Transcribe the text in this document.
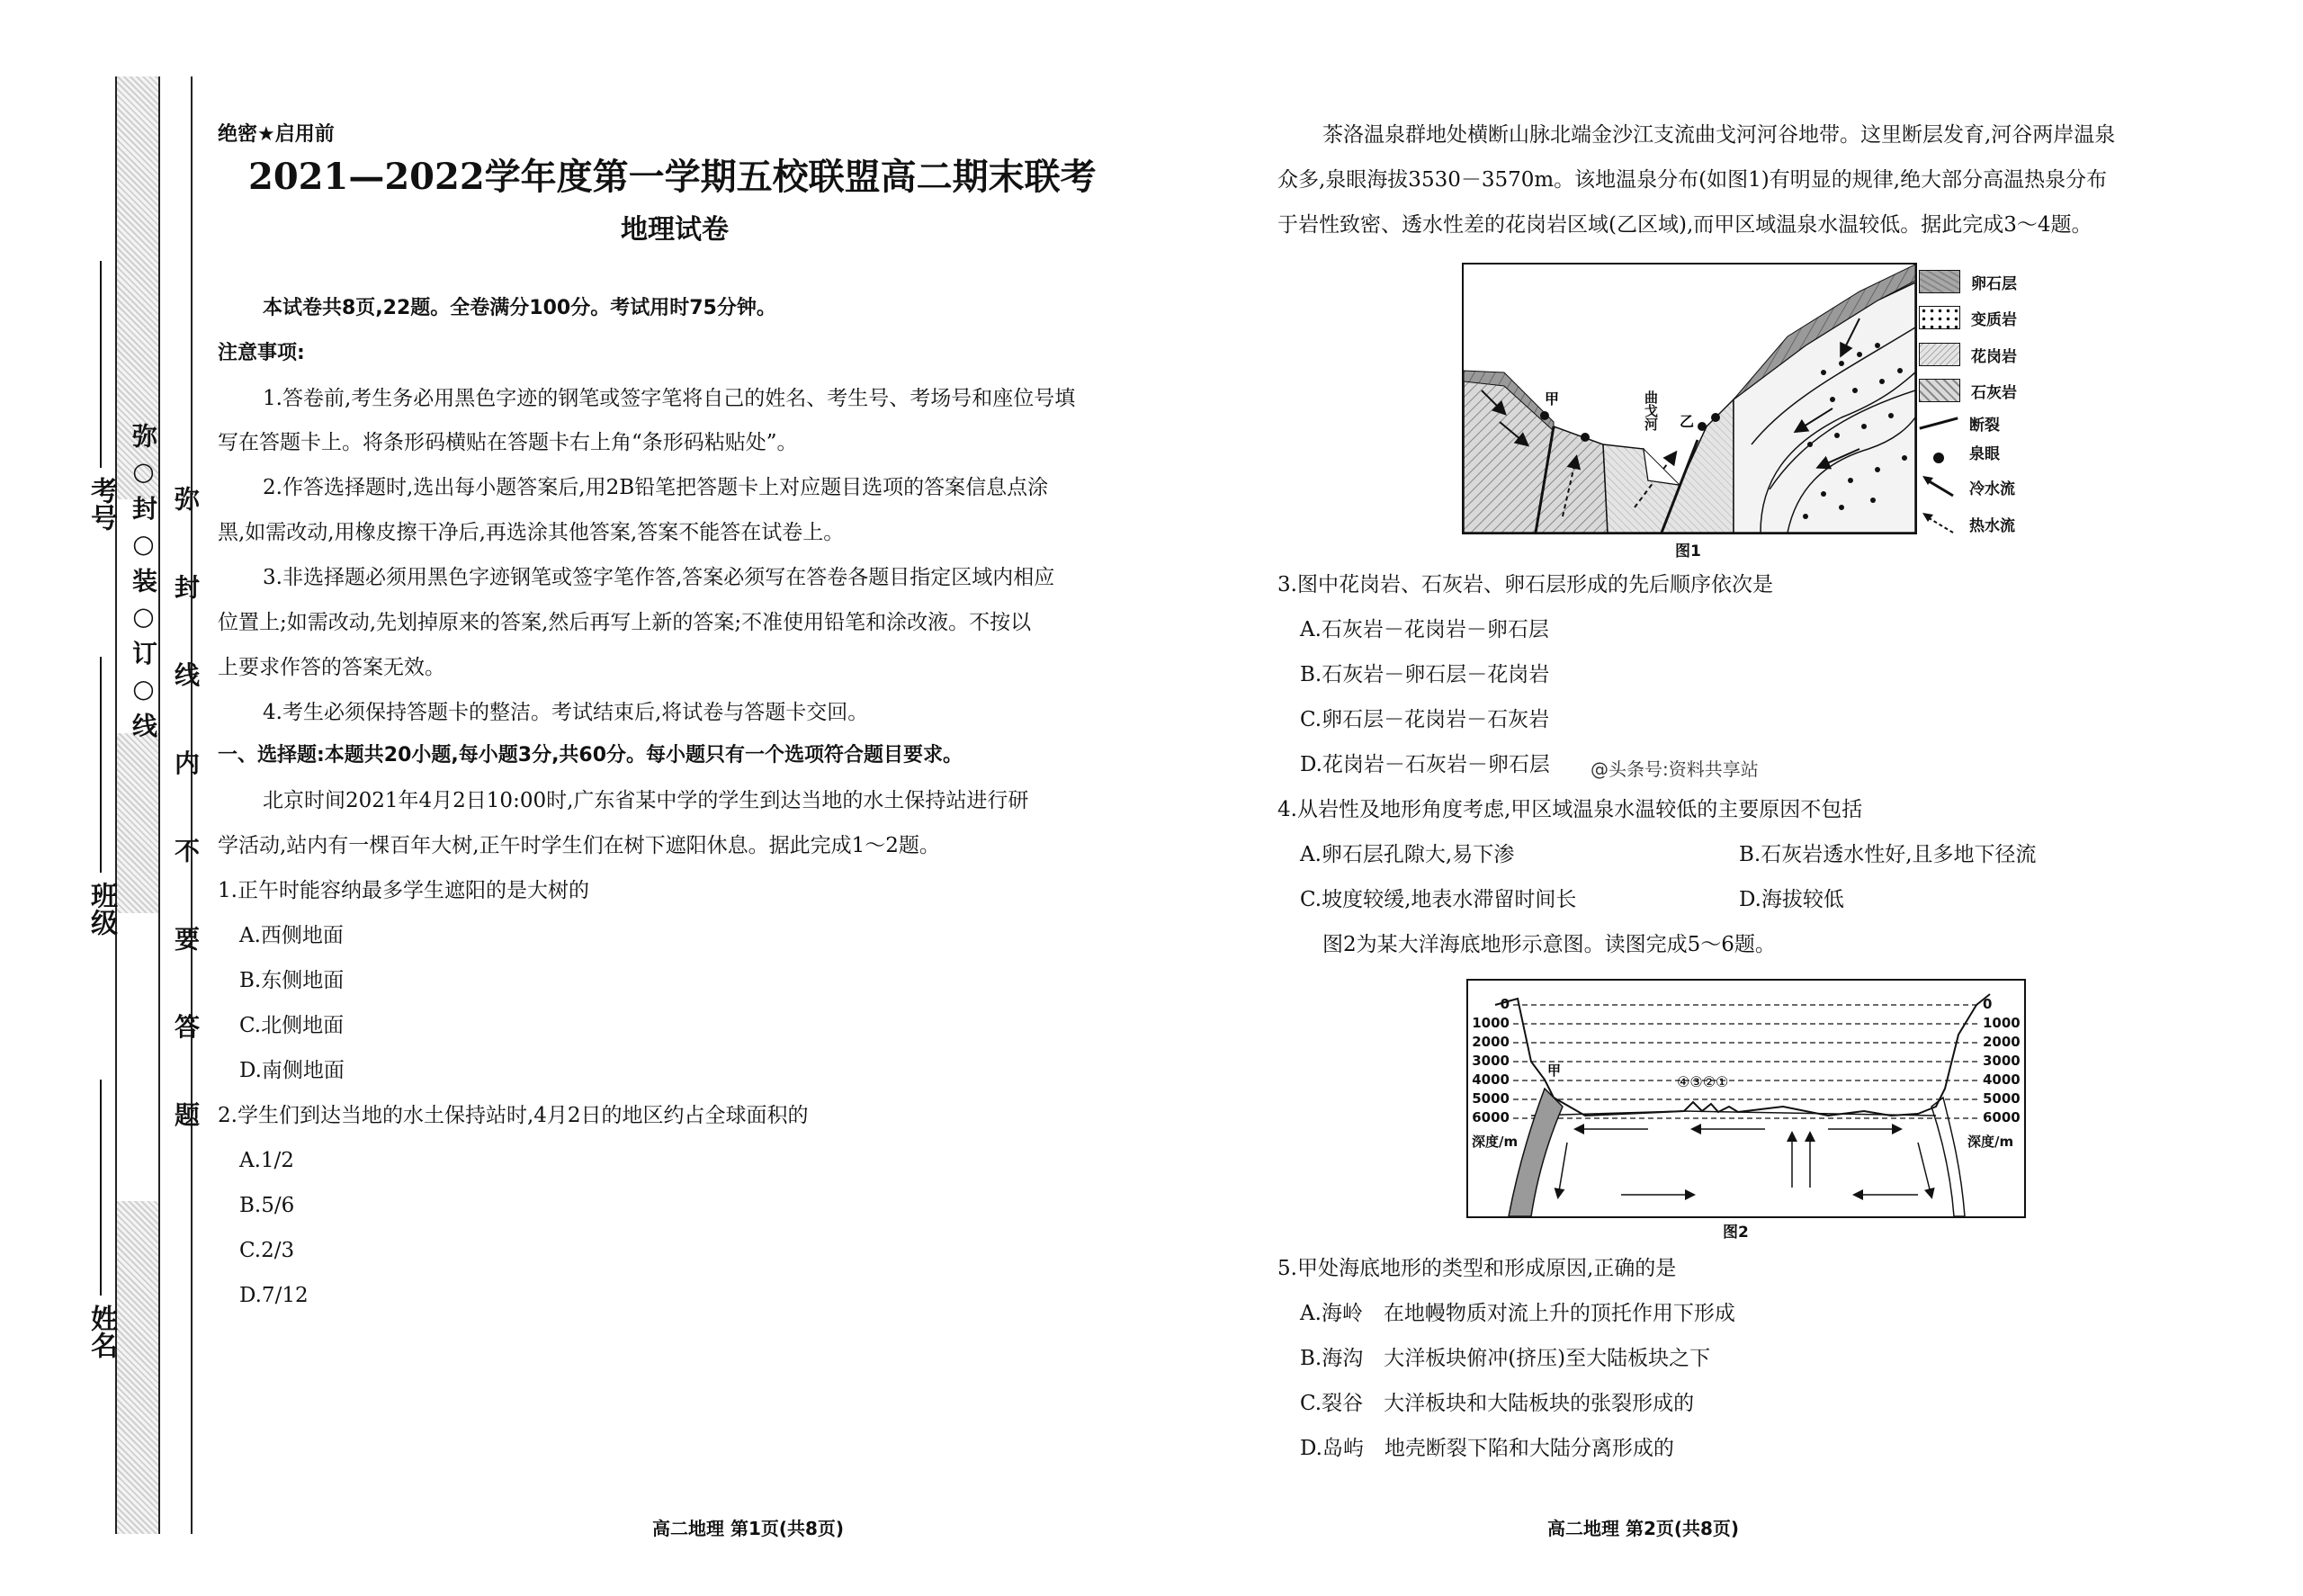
考号
班级
姓名
弥 ○ 封 ○ 装 ○ 订 ○ 线 弥 封 线 内 不 要 答 题
绝密★启用前
2021—2022学年度第一学期五校联盟高二期末联考
地理试卷
本试卷共8页,22题。全卷满分100分。考试用时75分钟。
注意事项:
1.答卷前,考生务必用黑色字迹的钢笔或签字笔将自己的姓名、考生号、考场号和座位号填
写在答题卡上。将条形码横贴在答题卡右上角“条形码粘贴处”。
2.作答选择题时,选出每小题答案后,用2B铅笔把答题卡上对应题目选项的答案信息点涂
黑,如需改动,用橡皮擦干净后,再选涂其他答案,答案不能答在试卷上。
3.非选择题必须用黑色字迹钢笔或签字笔作答,答案必须写在答卷各题目指定区域内相应
位置上;如需改动,先划掉原来的答案,然后再写上新的答案;不准使用铅笔和涂改液。不按以
上要求作答的答案无效。
4.考生必须保持答题卡的整洁。考试结束后,将试卷与答题卡交回。
一、选择题:本题共20小题,每小题3分,共60分。每小题只有一个选项符合题目要求。
北京时间2021年4月2日10:00时,广东省某中学的学生到达当地的水土保持站进行研
学活动,站内有一棵百年大树,正午时学生们在树下遮阳休息。据此完成1～2题。
1.正午时能容纳最多学生遮阳的是大树的
A.西侧地面
B.东侧地面
C.北侧地面
D.南侧地面
2.学生们到达当地的水土保持站时,4月2日的地区约占全球面积的
A.1/2
B.5/6
C.2/3
D.7/12
高二地理 第1页(共8页)
茶洛温泉群地处横断山脉北端金沙江支流曲戈河河谷地带。这里断层发育,河谷两岸温泉
众多,泉眼海拔3530－3570m。该地温泉分布(如图1)有明显的规律,绝大部分高温热泉分布
于岩性致密、透水性差的花岗岩区域(乙区域),而甲区域温泉水温较低。据此完成3～4题。
甲
乙
曲戈河
卵石层
变质岩
花岗岩
石灰岩
断裂
泉眼
冷水流
热水流
图1
3.图中花岗岩、石灰岩、卵石层形成的先后顺序依次是
A.石灰岩－花岗岩－卵石层
B.石灰岩－卵石层－花岗岩
C.卵石层－花岗岩－石灰岩
D.花岗岩－石灰岩－卵石层 @头条号:资料共享站
4.从岩性及地形角度考虑,甲区域温泉水温较低的主要原因不包括
A.卵石层孔隙大,易下渗	B.石灰岩透水性好,且多地下径流
C.坡度较缓,地表水滞留时间长	D.海拔较低
图2为某大洋海底地形示意图。读图完成5～6题。
甲
④③②①
0
1000
2000
3000
4000
5000
6000
0
1000
2000
3000
4000
5000
6000
深度/m	深度/m
图2
5.甲处海底地形的类型和形成原因,正确的是
A.海岭　在地幔物质对流上升的顶托作用下形成
B.海沟　大洋板块俯冲(挤压)至大陆板块之下
C.裂谷　大洋板块和大陆板块的张裂形成的
D.岛屿　地壳断裂下陷和大陆分离形成的
高二地理 第2页(共8页)
